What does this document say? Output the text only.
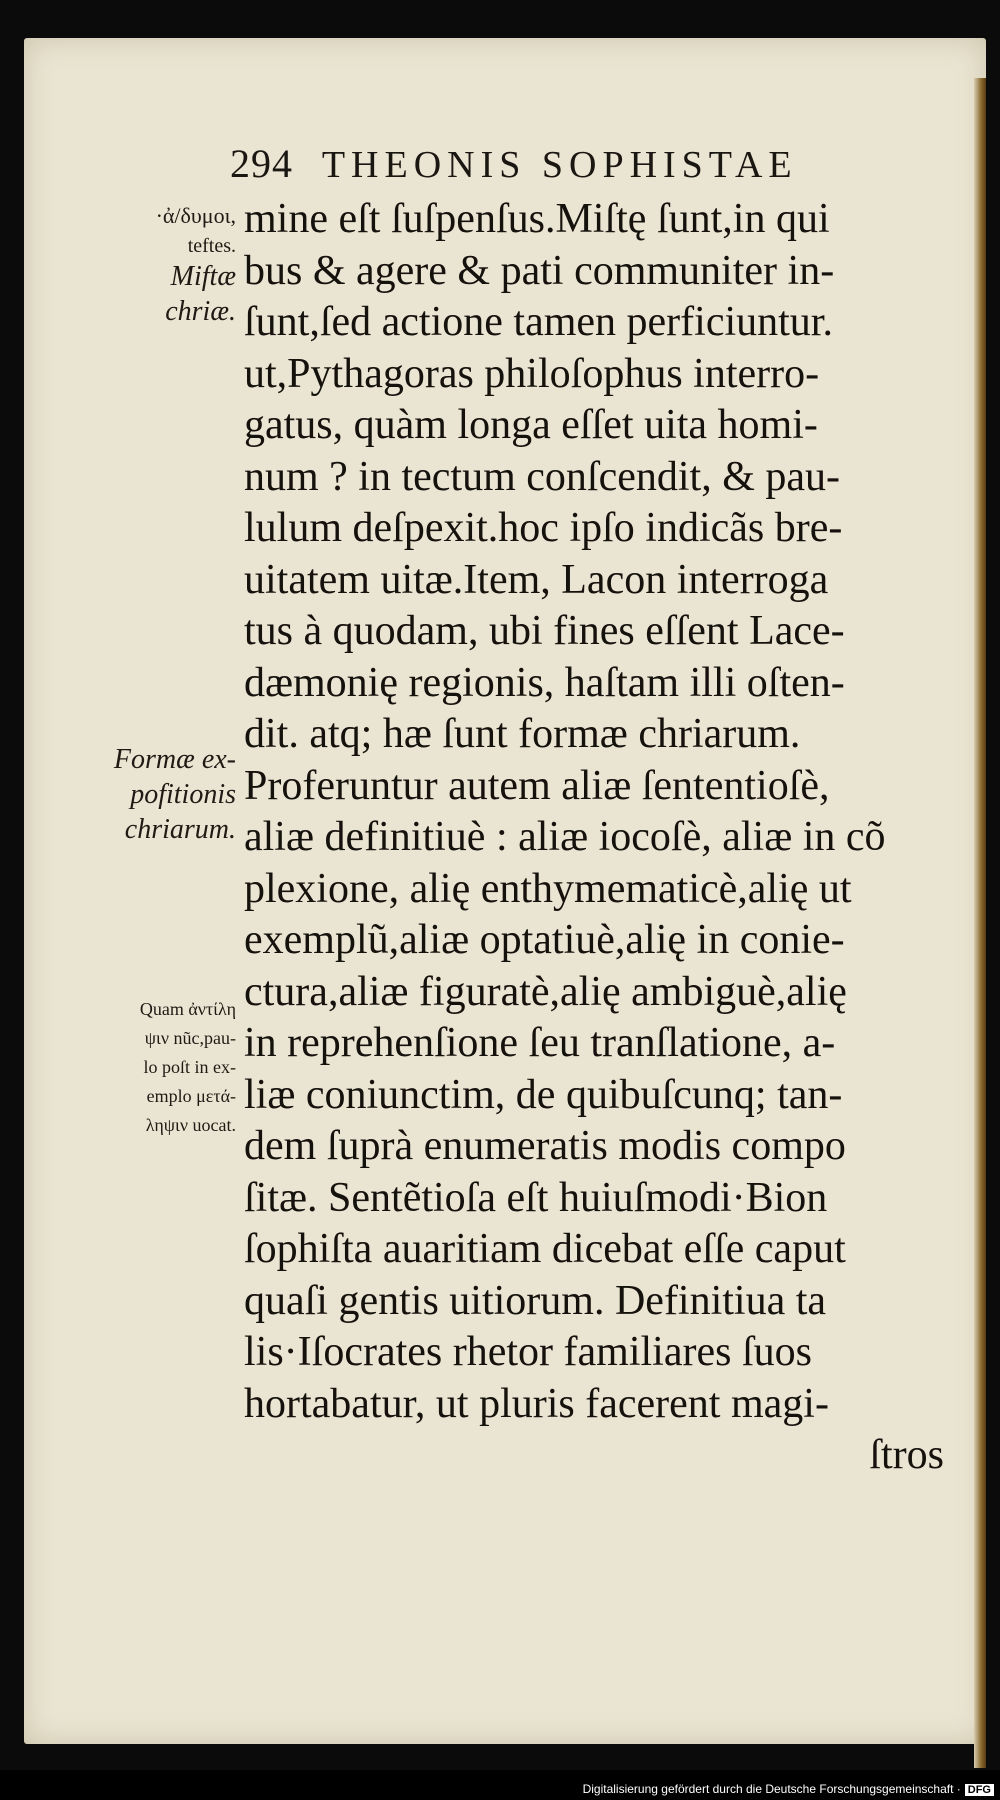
294 THEONIS SOPHISTAE
·ἀ/δυμοι,
teftes.
Miftæ
chriæ.
Formæ ex-
pofitionis
chriarum.
Quam ἀντίλη
ψιν nũc,pau-
lo poſt in ex-
emplo μετά-
ληψιν uocat.
mine eſt ſuſpenſus.Miſtę ſunt,in qui
bus & agere & pati communiter in-
ſunt,ſed actione tamen perficiuntur.
ut,Pythagoras philoſophus interro-
gatus, quàm longa eſſet uita homi-
num ? in tectum conſcendit, & pau-
lulum deſpexit.hoc ipſo indicãs bre-
uitatem uitæ.Item, Lacon interroga
tus à quodam, ubi fines eſſent Lace-
dæmonię regionis, haſtam illi oſten-
dit. atq; hæ ſunt formæ chriarum.
Proferuntur autem aliæ ſententioſè,
aliæ definitiuè : aliæ iocoſè, aliæ in cõ
plexione, alię enthymematicè,alię ut
exemplũ,aliæ optatiuè,alię in conie-
ctura,aliæ figuratè,alię ambiguè,alię
in reprehenſione ſeu tranſlatione, a-
liæ coniunctim, de quibuſcunq; tan-
dem ſuprà enumeratis modis compo
ſitæ. Sentẽtioſa eſt huiuſmodi·Bion
ſophiſta auaritiam dicebat eſſe caput
quaſi gentis uitiorum. Definitiua ta
lis·Iſocrates rhetor familiares ſuos
hortabatur, ut pluris facerent magi-
ſtros
Digitalisierung gefördert durch die Deutsche Forschungsgemeinschaft · DFG
